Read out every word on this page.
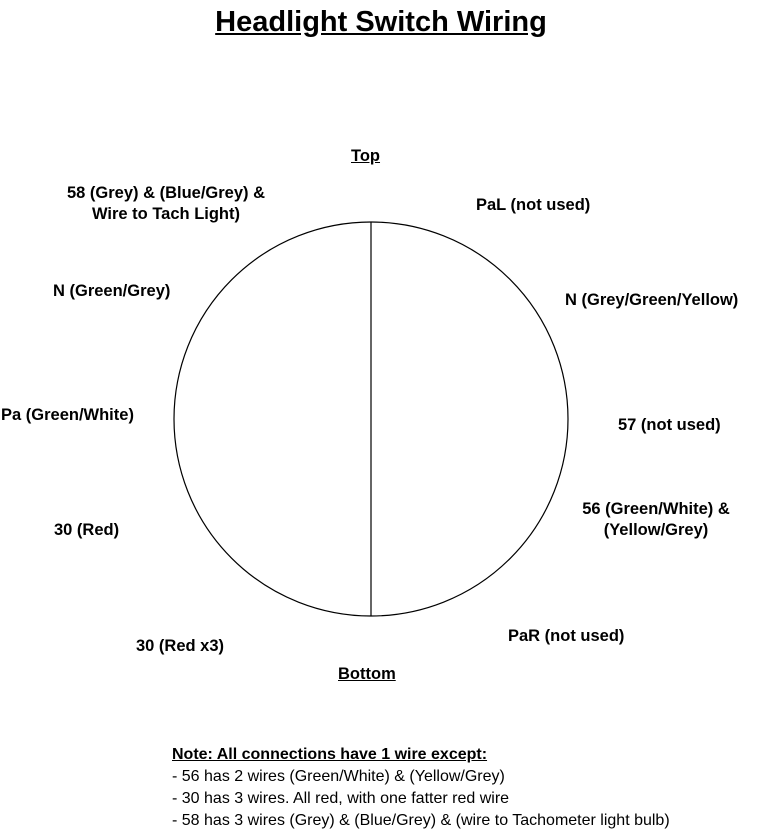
Headlight Switch Wiring
Top
58 (Grey) & (Blue/Grey) &
Wire to Tach Light)	PaL (not used)
N (Green/Grey)	N (Grey/Green/Yellow)
Pa (Green/White)
57 (not used)
56 (Green/White) &
(Yellow/Grey)
30 (Red)
PaR (not used)
30 (Red x3)
Bottom
Note: All connections have 1 wire except:
- 56 has 2 wires (Green/White) & (Yellow/Grey)
- 30 has 3 wires. All red, with one fatter red wire
- 58 has 3 wires (Grey) & (Blue/Grey) & (wire to Tachometer light bulb)
